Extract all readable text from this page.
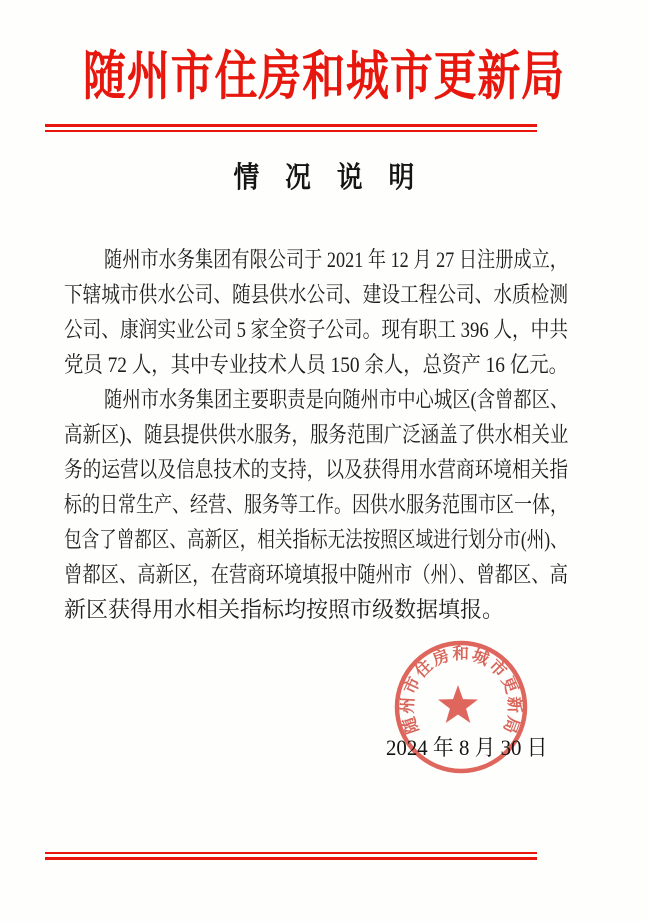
随州市住房和城市更新局
情 况 说 明
随州市水务集团有限公司于 2021 年 12 月 27 日注册成立，
下辖城市供水公司、随县供水公司、建设工程公司、水质检测
公司、康润实业公司 5 家全资子公司。现有职工 396 人，中共
党员 72 人，其中专业技术人员 150 余人，总资产 16 亿元。
随州市水务集团主要职责是向随州市中心城区(含曾都区、
高新区)、随县提供供水服务，服务范围广泛涵盖了供水相关业
务的运营以及信息技术的支持，以及获得用水营商环境相关指
标的日常生产、经营、服务等工作。因供水服务范围市区一体，
包含了曾都区、高新区，相关指标无法按照区域进行划分市(州)、
曾都区、高新区，在营商环境填报中随州市（州）、曾都区、高
新区获得用水相关指标均按照市级数据填报。
随州市住房和城市更新局
2024 年 8 月 30 日
